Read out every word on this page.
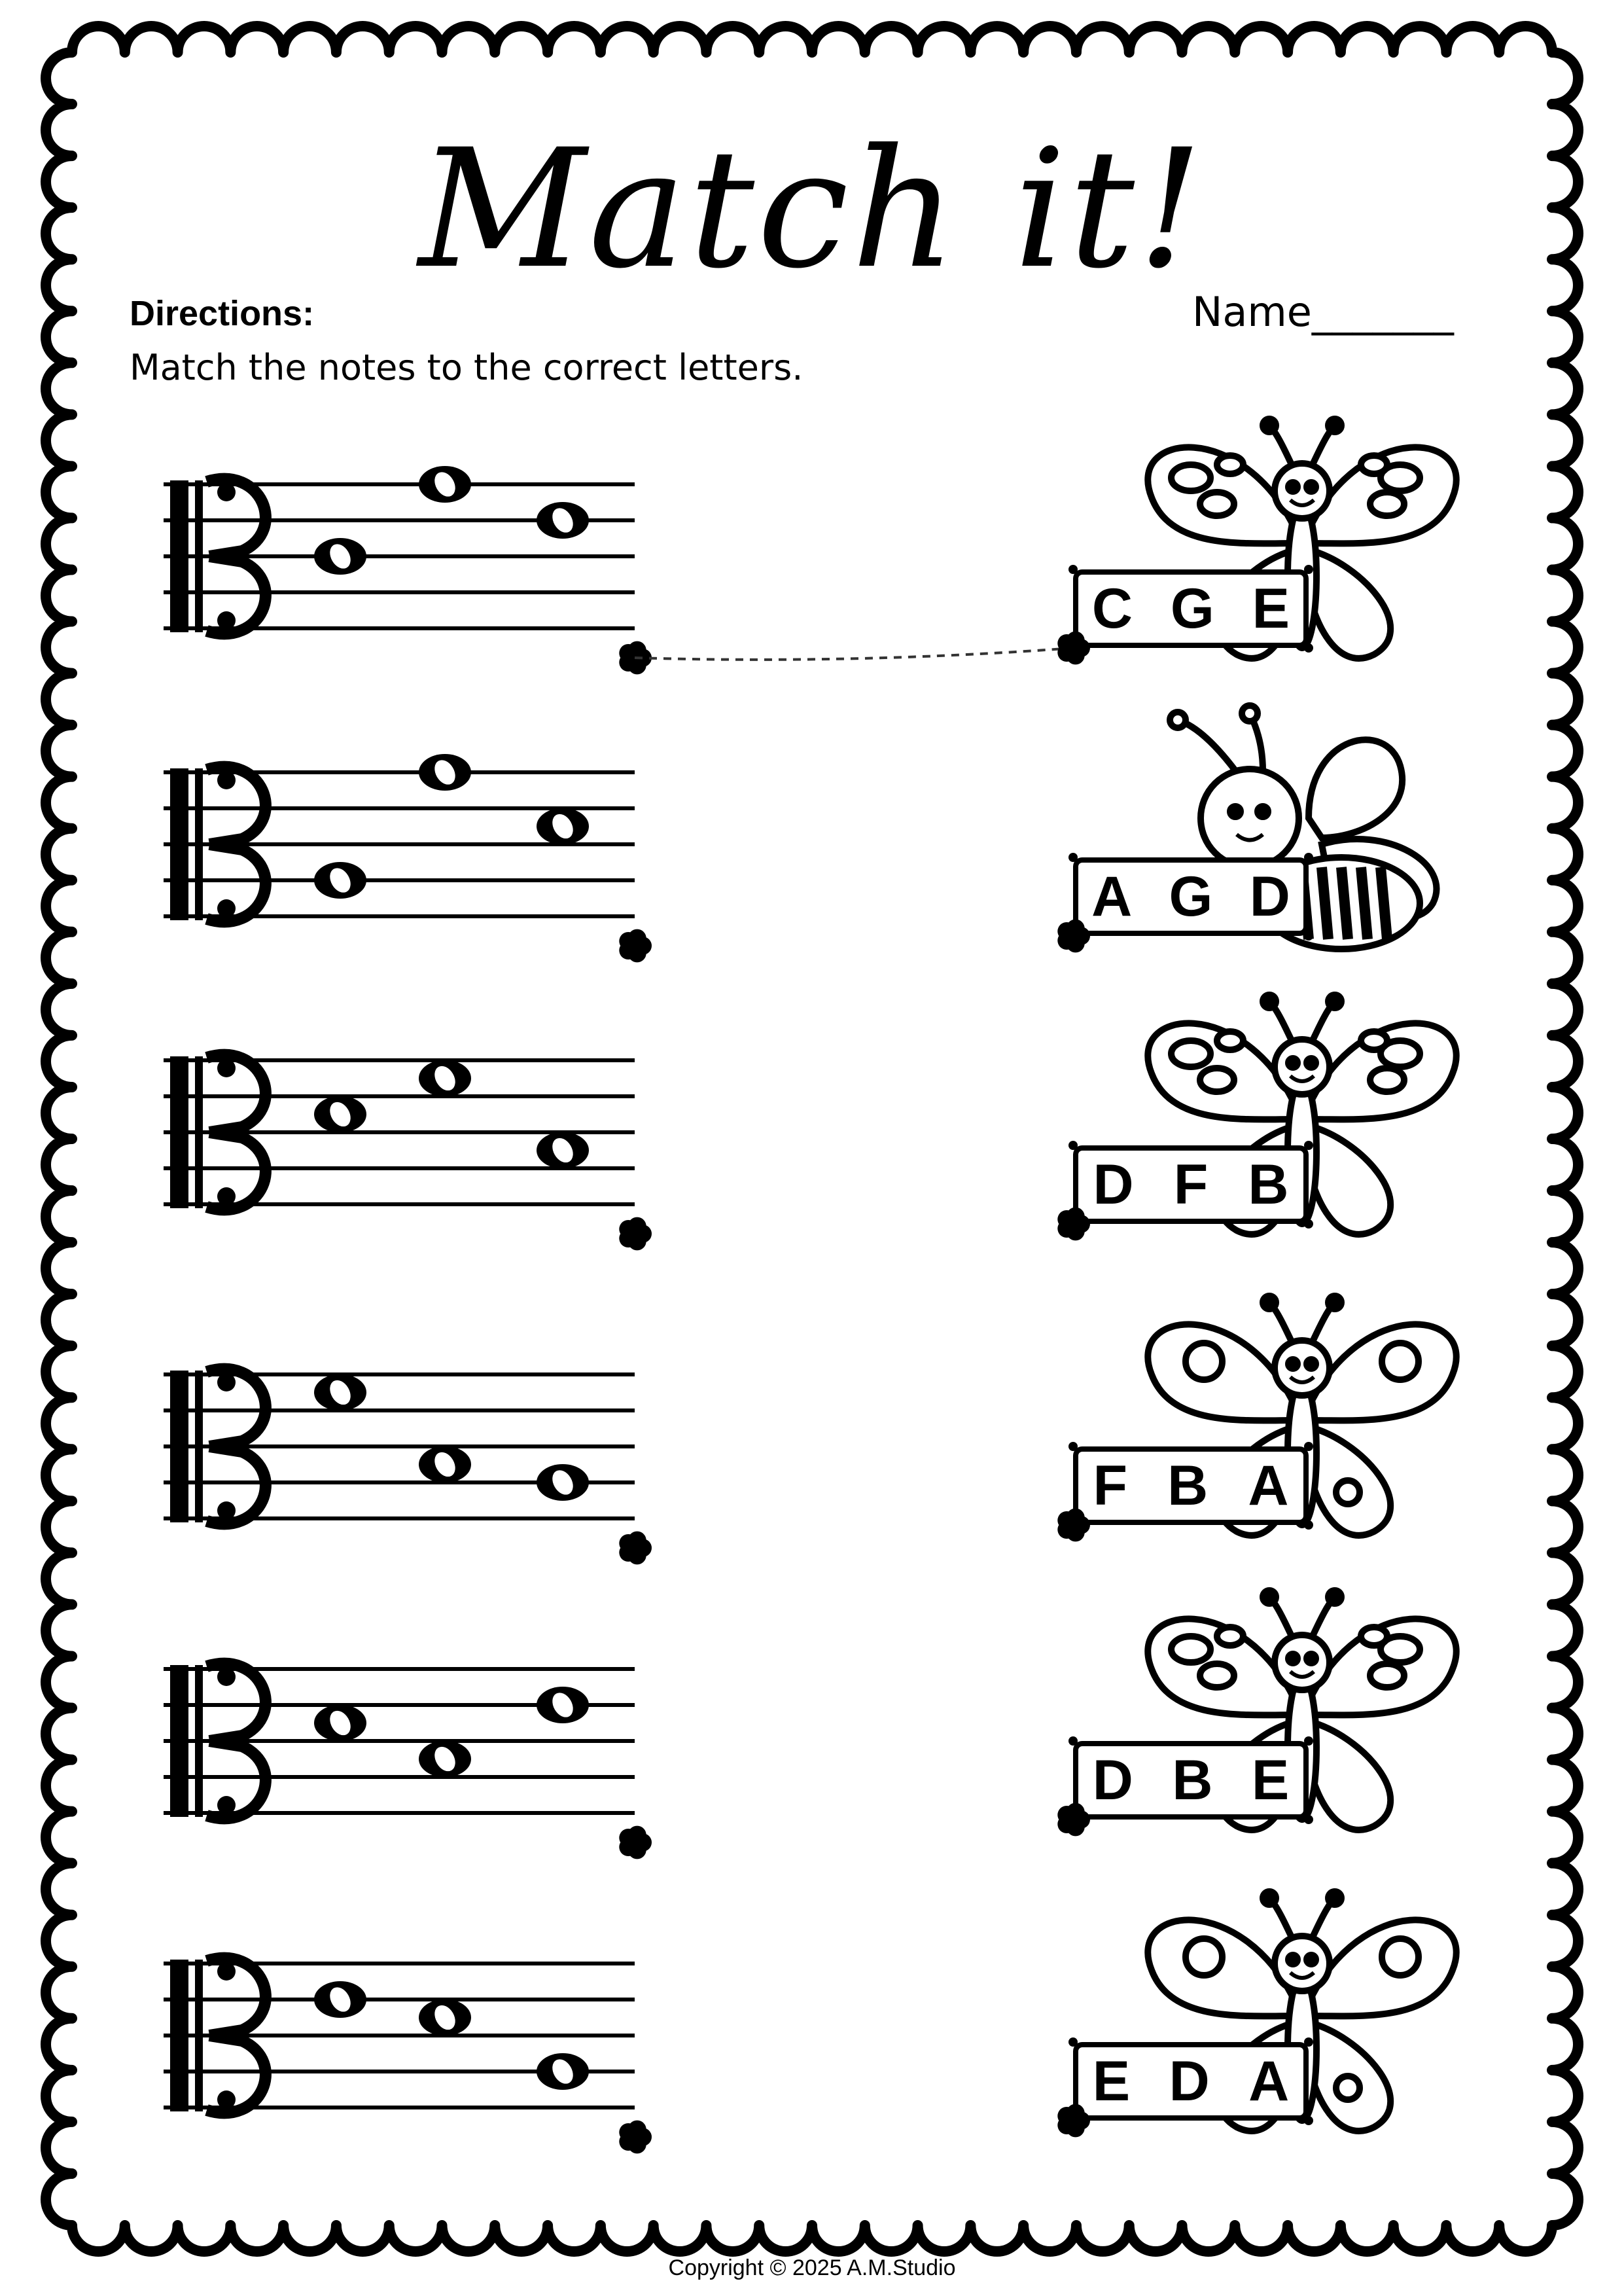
Match it!
Directions:
Match the notes to the correct letters.
Name_______
C G E
A G D
D F B
F B A
D B E
E D A
Copyright © 2025 A.M.Studio
